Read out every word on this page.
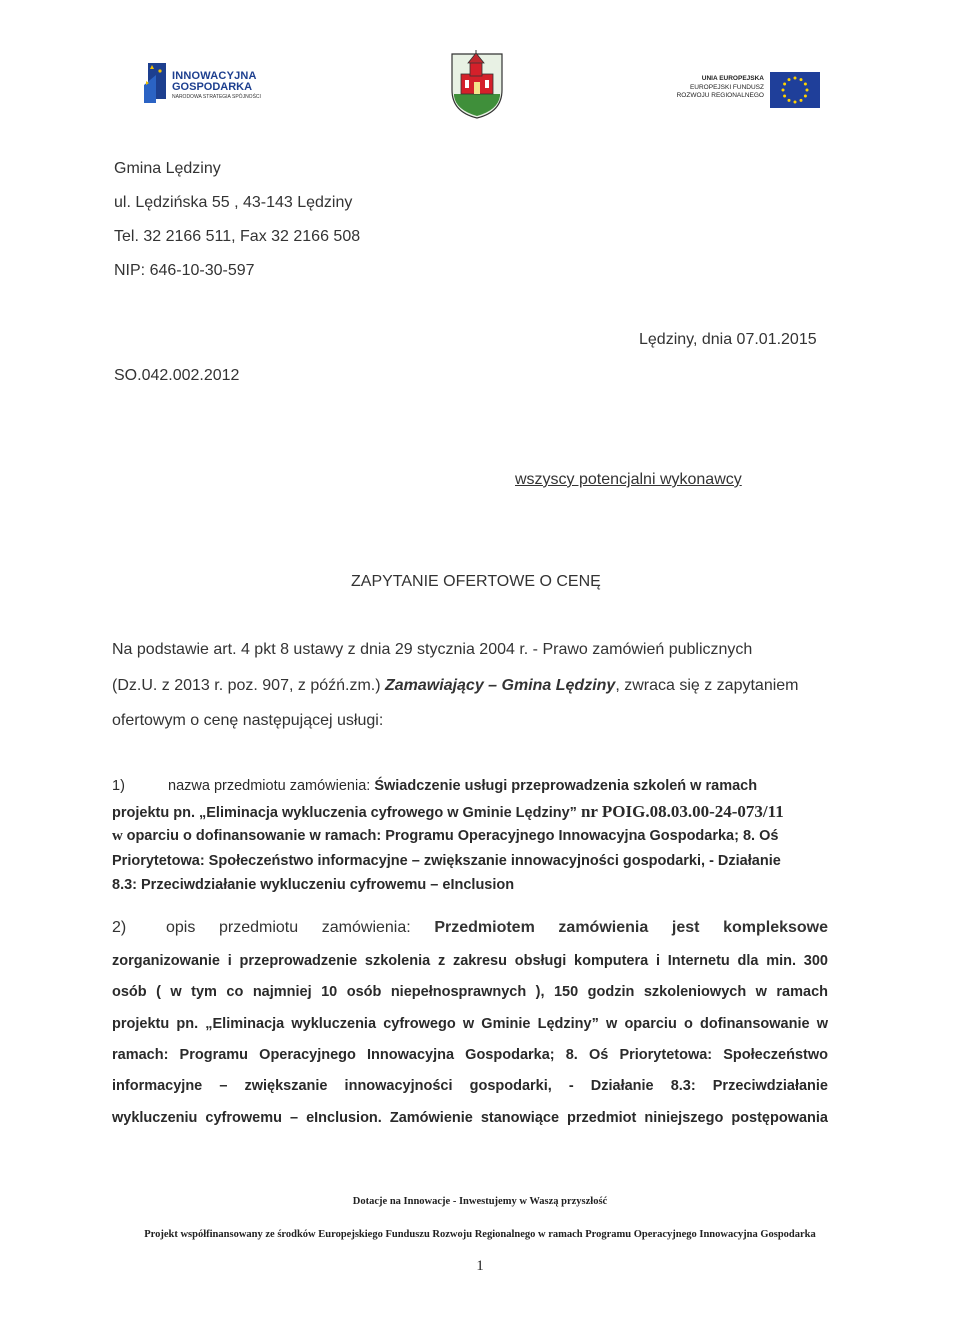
INNOWACYJNA
GOSPODARKA
NARODOWA STRATEGIA SPÓJNOŚCI
UNIA EUROPEJSKA
EUROPEJSKI FUNDUSZ
ROZWOJU REGIONALNEGO
Gmina Lędziny
ul. Lędzińska 55 , 43-143 Lędziny
Tel. 32 2166 511, Fax 32 2166 508
NIP: 646-10-30-597
Lędziny, dnia 07.01.2015
SO.042.002.2012
wszyscy potencjalni wykonawcy
ZAPYTANIE OFERTOWE O CENĘ
Na podstawie art. 4 pkt 8 ustawy z dnia 29 stycznia 2004 r. - Prawo zamówień publicznych
(Dz.U. z 2013 r. poz. 907, z późń.zm.) Zamawiający – Gmina Lędziny, zwraca się z zapytaniem
ofertowym o cenę następującej usługi:
1)	nazwa przedmiotu zamówienia: Świadczenie usługi przeprowadzenia szkoleń w ramach
projektu pn. „Eliminacja wykluczenia cyfrowego w Gminie Lędziny” nr POIG.08.03.00-24-073/11
w oparciu o dofinansowanie w ramach: Programu Operacyjnego Innowacyjna Gospodarka; 8. Oś
Priorytetowa: Społeczeństwo informacyjne – zwiększanie innowacyjności gospodarki, - Działanie
8.3: Przeciwdziałanie wykluczeniu cyfrowemu – eInclusion
2) opis przedmiotu zamówienia: Przedmiotem zamówienia jest kompleksowe
zorganizowanie i przeprowadzenie szkolenia z zakresu obsługi komputera i Internetu dla min. 300
osób ( w tym co najmniej 10 osób niepełnosprawnych ), 150 godzin szkoleniowych w ramach
projektu pn. „Eliminacja wykluczenia cyfrowego w Gminie Lędziny” w oparciu o dofinansowanie w
ramach: Programu Operacyjnego Innowacyjna Gospodarka; 8. Oś Priorytetowa: Społeczeństwo
informacyjne – zwiększanie innowacyjności gospodarki, - Działanie 8.3: Przeciwdziałanie
wykluczeniu cyfrowemu – eInclusion. Zamówienie stanowiące przedmiot niniejszego postępowania
Dotacje na Innowacje - Inwestujemy w Waszą przyszłość
Projekt współfinansowany ze środków Europejskiego Funduszu Rozwoju Regionalnego w ramach Programu Operacyjnego Innowacyjna Gospodarka
1
